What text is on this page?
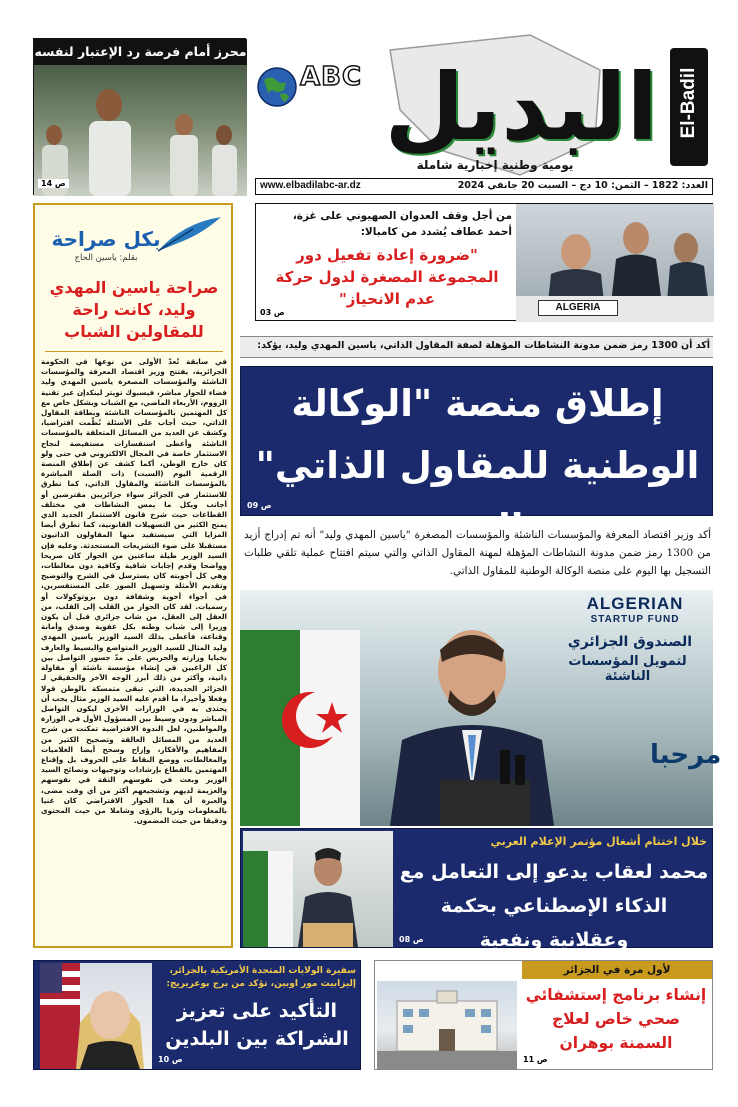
ABC البديل El-Badil
يومية وطنية إخبارية شاملة
العدد: 1822 – الثمن: 10 دج – السبت 20 جانفي 2024
www.elbadilabc-ar.dz
محرز أمام فرصة رد الإعتبار لنفسه
ص 14
ALGERIA
من أجل وقف العدوان الصهيوني على غزة،
أحمد عطاف يُشدد من كامبالا:
"ضرورة إعادة تفعيل دور المجموعة المصغرة لدول حركة عدم الانحياز"
ص 03
أكد أن 1300 رمز ضمن مدونة النشاطات المؤهلة لصفة المقاول الذاتي، ياسين المهدي وليد، يؤكد:
إطلاق منصة "الوكالة الوطنية للمقاول الذاتي" اليوم
ص 09
أكد وزير اقتصاد المعرفة والمؤسسات الناشئة والمؤسسات المصغرة "ياسين المهدي وليد" أنه تم إدراج أزيد من 1300 رمز ضمن مدونة النشاطات المؤهلة لمهنة المقاول الذاتي والتي سيتم افتتاح عملية تلقي طلبات التسجيل بها اليوم على منصة الوكالة الوطنية للمقاول الذاتي.
ALGERIAN
STARTUP FUND
الصندوق الجزائري
لتمويل المؤسسات الناشئة
مرحبا
بكل صراحة
بقلم: ياسين الحاج
صراحة ياسين المهدي وليد، كانت راحة للمقاولين الشباب
في سابقة تُعدّ الأولى من نوعها في الحكومة الجزائرية، يفتتح وزير اقتصاد المعرفة والمؤسسات الناشئة والمؤسسات المصغرة ياسين المهدي وليد فضاء للحوار مباشر، فيسبوك تويتر لينكدإن عبر تقنية الزووم، الأربعاء الماضي، مع الشباب وبشكل خاص مع كل المهتمين بالمؤسسات الناشئة وبطاقة المقاول الذاتي، حيث أجاب على الأسئلة نُظّمت افتراضيا، وكشف عن العديد من المسائل المتعلقة بالمؤسسات الناشئة وأعطى استفسارات مستفيضة لنجاح الاستثمار خاصة في المجال الالكتروني في حتى ولو كان خارج الوطن، أكما كشف عن إطلاق المنصة الرقمية اليوم (السبت) ذات الصلة المباشرة بالمؤسسات الناشئة والمقاول الذاتي، كما تطرق للاستثمار في الجزائر سواء جزائريين مقترضين أو أجانب ويكل ما يمس النشاطات في مختلف القطاعات حيث شرح قانون الاستثمار الجديد الذي يمنح الكثير من التسهيلات القانونية، كما تطرق أيضا المزايا التي سيستفيد منها المقاولون الذاتيون مستقبلا على ضوء التشريعات المستحدثة. وعليه فإن السيد الوزير طيلة ساعتين من الحوار كان صريحا وواضحا وقدم إجابات شافية وكافية دون مغالطات، وهي كل أجوبته كان يسترسل في الشرح والتوضيح وتقديم الأمثلة وتسهيل الصور على المستفسرين، في أجواء أخوية وشفافة دون بروتوكولات أو رسميات. لقد كان الحوار من القلب إلى القلب، من العقل إلى العقل، من شاب جزائري قبل أن يكون وزيرا إلى شباب وطنه بكل عفوية وصدق وأمانة وقناعة، فأعطى بذلك السيد الوزير ياسين المهدي وليد المثال للسيد الوزير المتواضع والبسيط والعارف بخبايا وزارته والحريص على مدّ جسور التواصل بين كل الراغبين في إنشاء مؤسسة ناشئة أو مقاولة ذاتية، وأكثر من ذلك أبرز الوجه الآخر والحقيقي لـ الجزائر الجديدة، التي تبقى متمسكة بالوطن قولا وفعلا وأخيرا، ما أقدم عليه السيد الوزير مثال يجب أن يحتذى به في الوزارات الأخرى ليكون التواصل المباشر ودون وسيط بين المسؤول الأول في الوزارة والمواطنين، لعل الندوة الافتراضية تمكنت من شرح العديد من المسائل العالقة وتصحيح الكثير من المفاهيم والأفكار، وإزاح وسحح أيضا الغلاميات والمغالطات، ووضع النقاط على الحروف بل وإقناع المهتمين بالقطاع بإرشادات وتوجيهات ونصائح السيد الوزير وبعث في نفوسهم الثقة في نفوسهم والعزيمة لديهم وتشجيعهم أكثر من أي وقت مضى، والعبرة أن هذا الحوار الافتراضي كان غنيا بالمعلومات وثريا بالرؤى وشاملا من حيث المحتوى ودقيقا من حيث المضمون.
خلال اختتام أشغال مؤتمر الإعلام العربي
محمد لعقاب يدعو إلى التعامل مع الذكاء الإصطناعي بحكمة وعقلانية ونفعية
ص 08
سفيرة الولايات المتحدة الأمريكية بالجزائر، إليزابيث مور اوبين، تؤكد من برج بوعريريج:
التأكيد على تعزيز الشراكة بين البلدين
ص 10
لأول مرة في الجزائر
إنشاء برنامج إستشفائي صحي خاص لعلاج السمنة بوهران
ص 11
